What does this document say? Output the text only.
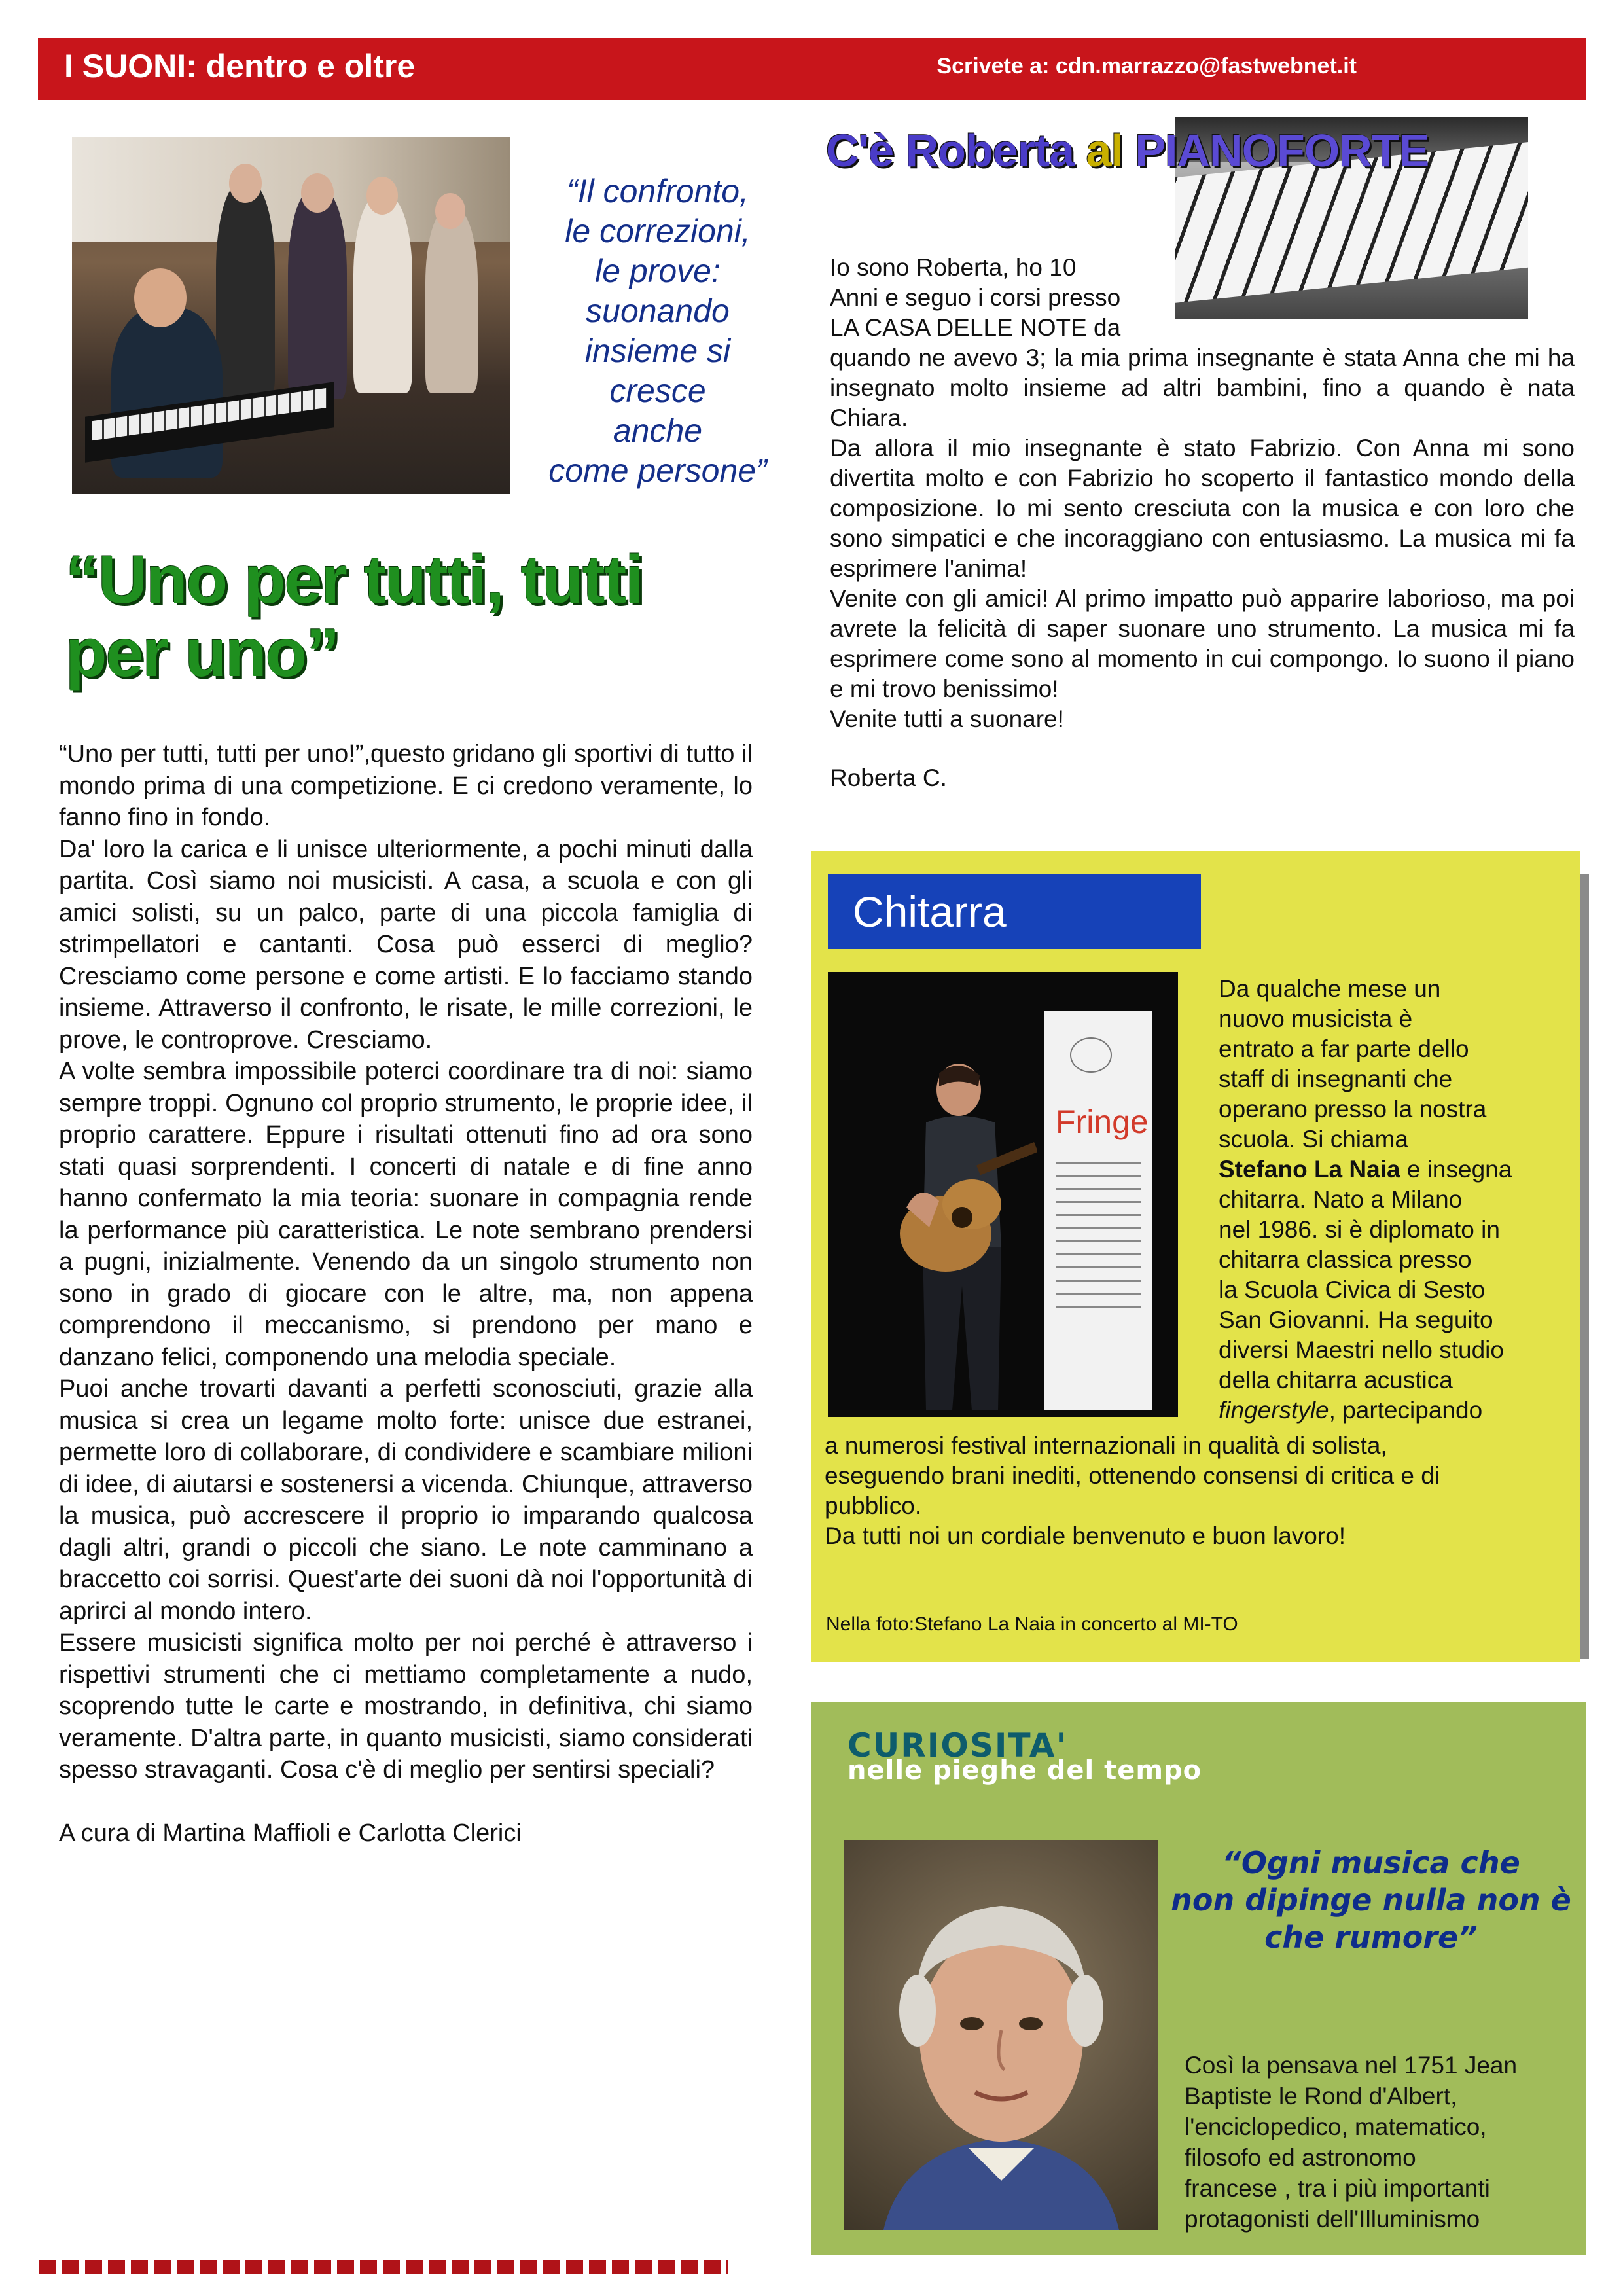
I SUONI: dentro e oltre	Scrivete a: cdn.marrazzo@fastwebnet.it
“Il confronto,
le correzioni,
le prove:
suonando
insieme si
cresce
anche
come persone”
“Uno per tutti, tutti per uno”

“Uno per tutti, tutti per uno!”,questo gridano gli sportivi di tutto il mondo prima di una competizione. E ci credono veramente, lo fanno fino in fondo.

Da' loro la carica e li unisce ulteriormente, a pochi minuti dalla partita. Così siamo noi musicisti. A casa, a scuola e con gli amici solisti, su un palco, parte di una piccola famiglia di strimpellatori e cantanti. Cosa può esserci di meglio? Cresciamo come persone e come artisti. E lo facciamo stando insieme. Attraverso il confronto, le risate, le mille correzioni, le prove, le controprove. Cresciamo.

A volte sembra impossibile poterci coordinare tra di noi: siamo sempre troppi. Ognuno col proprio strumento, le proprie idee, il proprio carattere. Eppure i risultati ottenuti fino ad ora sono stati quasi sorprendenti. I concerti di natale e di fine anno hanno confermato la mia teoria: suonare in compagnia rende la performance più caratteristica. Le note sembrano prendersi a pugni, inizialmente. Venendo da un singolo strumento non sono in grado di giocare con le altre, ma, non appena comprendono il meccanismo, si prendono per mano e danzano felici, componendo una melodia speciale.

Puoi anche trovarti davanti a perfetti sconosciuti, grazie alla musica si crea un legame molto forte: unisce due estranei, permette loro di collaborare, di condividere e scambiare milioni di idee, di aiutarsi e sostenersi a vicenda. Chiunque, attraverso la musica, può accrescere il proprio io imparando qualcosa dagli altri, grandi o piccoli che siano. Le note camminano a braccetto coi sorrisi. Quest'arte dei suoni dà noi l'opportunità di aprirci al mondo intero.

Essere musicisti significa molto per noi perché è attraverso i rispettivi strumenti che ci mettiamo completamente a nudo, scoprendo tutte le carte e mostrando, in definitiva, chi siamo veramente. D'altra parte, in quanto musicisti, siamo considerati spesso stravaganti. Cosa c'è di meglio per sentirsi speciali?

A cura di Martina Maffioli e Carlotta Clerici

C'è Roberta al PIANOFORTE
Io sono Roberta, ho 10
Anni e seguo i corsi presso
LA CASA DELLE NOTE da

quando ne avevo 3; la mia prima insegnante è stata Anna che mi ha insegnato molto insieme ad altri bambini, fino a quando è nata Chiara.

Da allora il mio insegnante è stato Fabrizio. Con Anna mi sono divertita molto e con Fabrizio ho scoperto il fantastico mondo della composizione. Io mi sento cresciuta con la musica e con loro che sono simpatici e che incoraggiano con entusiasmo. La musica mi fa esprimere l'anima!

Venite con gli amici! Al primo impatto può apparire laborioso, ma poi avrete la felicità di saper suonare uno strumento. La musica mi fa esprimere come sono al momento in cui compongo. Io suono il piano e mi trovo benissimo!

Venite tutti a suonare!

Roberta C.
Chitarra
Fringe
Da qualche mese un
nuovo musicista è
entrato a far parte dello
staff di insegnanti che
operano presso la nostra
scuola. Si chiama
Stefano La Naia e insegna
chitarra. Nato a Milano
nel 1986. si è diplomato in
chitarra classica presso
la Scuola Civica di Sesto
San Giovanni. Ha seguito
diversi Maestri nello studio
della chitarra acustica
fingerstyle, partecipando
a numerosi festival internazionali in qualità di solista,
eseguendo brani inediti, ottenendo consensi di critica e di
pubblico.
Da tutti noi un cordiale benvenuto e buon lavoro!
Nella foto:Stefano La Naia in concerto al MI-TO
CURIOSITA'
nelle pieghe del tempo
“Ogni musica che
non dipinge nulla non è
che rumore”
Così la pensava nel 1751 Jean
Baptiste le Rond d'Albert,
l'enciclopedico, matematico,
filosofo ed astronomo
francese , tra i più importanti
protagonisti dell'Illuminismo
